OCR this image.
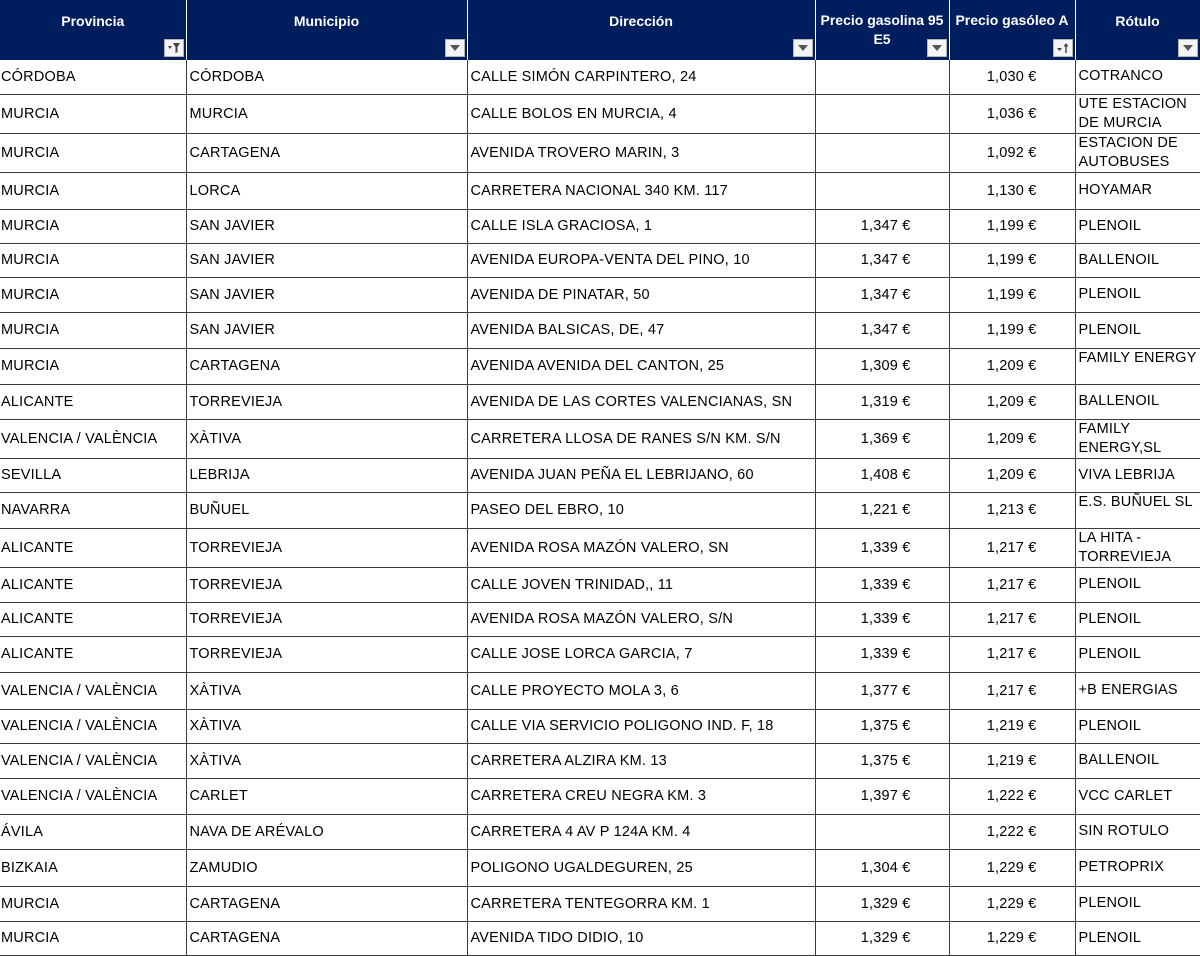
Provincia	Municipio	Dirección	Precio gasolina 95 E5	Precio gasóleo A	Rótulo

CÓRDOBA	CÓRDOBA	CALLE SIMÓN CARPINTERO, 24		1,030 €	COTRANCO
MURCIA	MURCIA	CALLE BOLOS EN MURCIA, 4		1,036 €	UTE ESTACION DE MURCIA
MURCIA	CARTAGENA	AVENIDA TROVERO MARIN, 3		1,092 €	ESTACION DE AUTOBUSES
MURCIA	LORCA	CARRETERA NACIONAL 340 KM. 117		1,130 €	HOYAMAR
MURCIA	SAN JAVIER	CALLE ISLA GRACIOSA, 1	1,347 €	1,199 €	PLENOIL
MURCIA	SAN JAVIER	AVENIDA EUROPA-VENTA DEL PINO, 10	1,347 €	1,199 €	BALLENOIL
MURCIA	SAN JAVIER	AVENIDA DE PINATAR, 50	1,347 €	1,199 €	PLENOIL
MURCIA	SAN JAVIER	AVENIDA BALSICAS, DE, 47	1,347 €	1,199 €	PLENOIL
MURCIA	CARTAGENA	AVENIDA AVENIDA DEL CANTON, 25	1,309 €	1,209 €	FAMILY ENERGY
ALICANTE	TORREVIEJA	AVENIDA DE LAS CORTES VALENCIANAS, SN	1,319 €	1,209 €	BALLENOIL
VALENCIA / VALÈNCIA	XÀTIVA	CARRETERA LLOSA DE RANES S/N KM. S/N	1,369 €	1,209 €	FAMILY ENERGY,SL
SEVILLA	LEBRIJA	AVENIDA JUAN PEÑA EL LEBRIJANO, 60	1,408 €	1,209 €	VIVA LEBRIJA
NAVARRA	BUÑUEL	PASEO DEL EBRO, 10	1,221 €	1,213 €	E.S. BUÑUEL SL
ALICANTE	TORREVIEJA	AVENIDA ROSA MAZÓN VALERO, SN	1,339 €	1,217 €	LA HITA - TORREVIEJA
ALICANTE	TORREVIEJA	CALLE JOVEN TRINIDAD,, 11	1,339 €	1,217 €	PLENOIL
ALICANTE	TORREVIEJA	AVENIDA ROSA MAZÓN VALERO, S/N	1,339 €	1,217 €	PLENOIL
ALICANTE	TORREVIEJA	CALLE JOSE LORCA GARCIA, 7	1,339 €	1,217 €	PLENOIL
VALENCIA / VALÈNCIA	XÀTIVA	CALLE PROYECTO MOLA 3, 6	1,377 €	1,217 €	+B ENERGIAS
VALENCIA / VALÈNCIA	XÀTIVA	CALLE VIA SERVICIO POLIGONO IND. F, 18	1,375 €	1,219 €	PLENOIL
VALENCIA / VALÈNCIA	XÀTIVA	CARRETERA ALZIRA KM. 13	1,375 €	1,219 €	BALLENOIL
VALENCIA / VALÈNCIA	CARLET	CARRETERA CREU NEGRA KM. 3	1,397 €	1,222 €	VCC CARLET
ÁVILA	NAVA DE ARÉVALO	CARRETERA 4 AV P 124A KM. 4		1,222 €	SIN ROTULO
BIZKAIA	ZAMUDIO	POLIGONO UGALDEGUREN, 25	1,304 €	1,229 €	PETROPRIX
MURCIA	CARTAGENA	CARRETERA TENTEGORRA KM. 1	1,329 €	1,229 €	PLENOIL
MURCIA	CARTAGENA	AVENIDA TIDO DIDIO, 10	1,329 €	1,229 €	PLENOIL
